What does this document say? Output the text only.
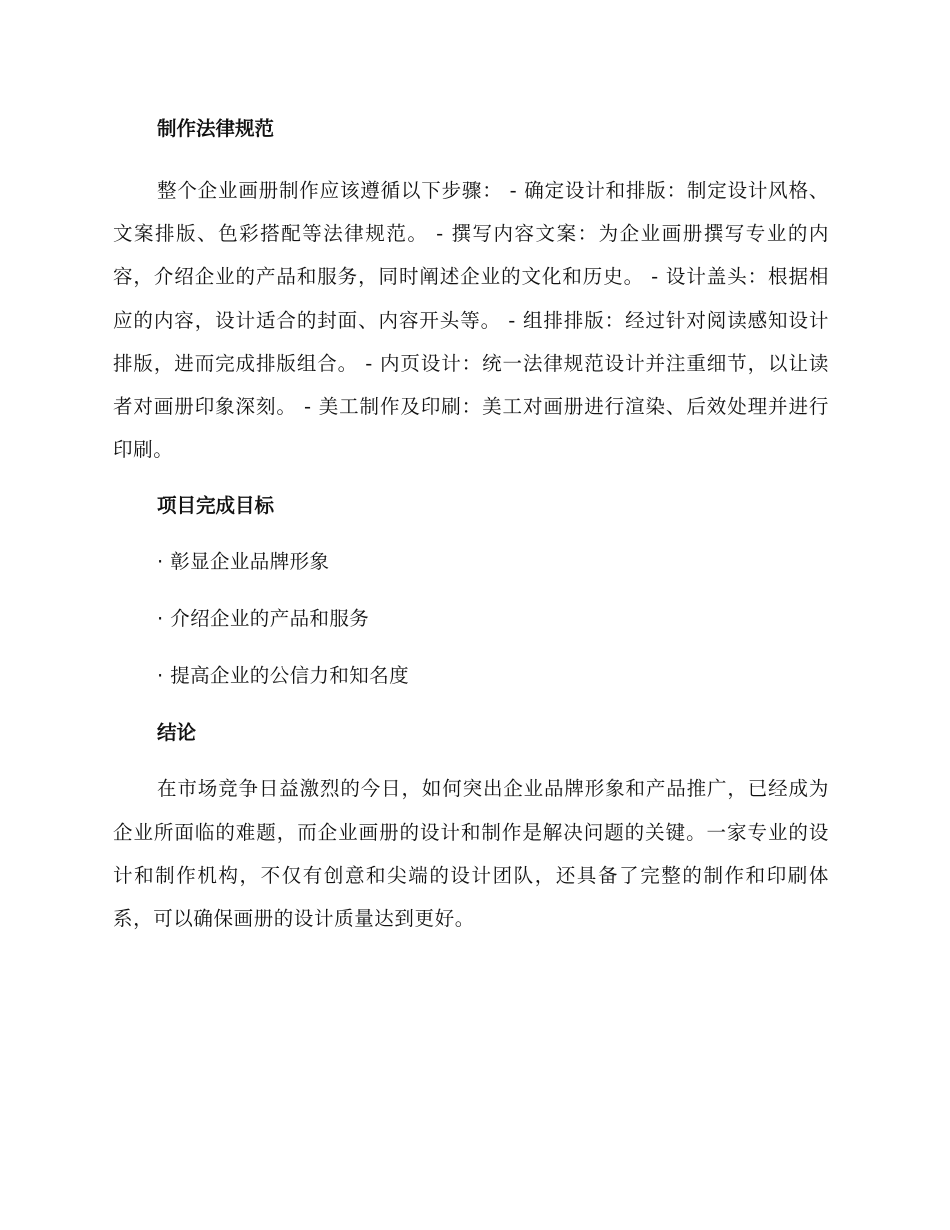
制作法律规范

整个企业画册制作应该遵循以下步骤： - 确定设计和排版：制定设计风格、文案排版、色彩搭配等法律规范。 - 撰写内容文案：为企业画册撰写专业的内容，介绍企业的产品和服务，同时阐述企业的文化和历史。 - 设计盖头：根据相应的内容，设计适合的封面、内容开头等。 - 组排排版：经过针对阅读感知设计排版，进而完成排版组合。 - 内页设计：统一法律规范设计并注重细节，以让读者对画册印象深刻。 - 美工制作及印刷：美工对画册进行渲染、后效处理并进行印刷。

项目完成目标
· 彰显企业品牌形象
· 介绍企业的产品和服务
· 提高企业的公信力和知名度
结论

在市场竞争日益激烈的今日，如何突出企业品牌形象和产品推广，已经成为企业所面临的难题，而企业画册的设计和制作是解决问题的关键。一家专业的设计和制作机构，不仅有创意和尖端的设计团队，还具备了完整的制作和印刷体系，可以确保画册的设计质量达到更好。
